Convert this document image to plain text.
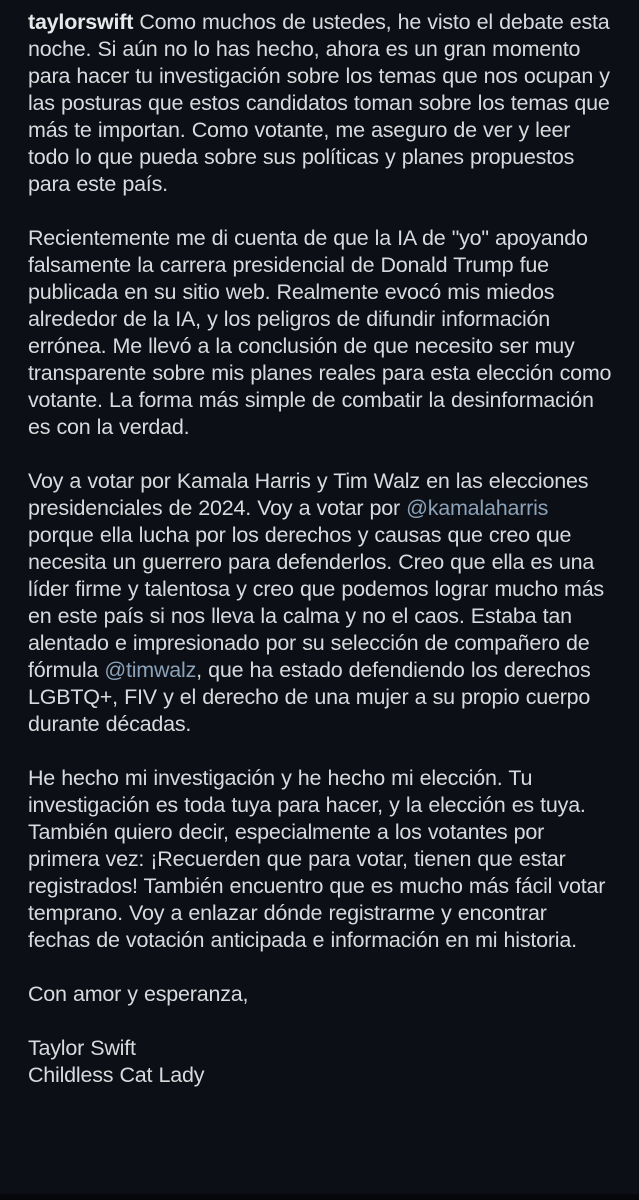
taylorswift Como muchos de ustedes, he visto el debate esta noche. Si aún no lo has hecho, ahora es un gran momento para hacer tu investigación sobre los temas que nos ocupan y las posturas que estos candidatos toman sobre los temas que más te importan. Como votante, me aseguro de ver y leer todo lo que pueda sobre sus políticas y planes propuestos para este país.

Recientemente me di cuenta de que la IA de "yo" apoyando falsamente la carrera presidencial de Donald Trump fue publicada en su sitio web. Realmente evocó mis miedos alrededor de la IA, y los peligros de difundir información errónea. Me llevó a la conclusión de que necesito ser muy transparente sobre mis planes reales para esta elección como votante. La forma más simple de combatir la desinformación es con la verdad.

Voy a votar por Kamala Harris y Tim Walz en las elecciones presidenciales de 2024. Voy a votar por @kamalaharris porque ella lucha por los derechos y causas que creo que necesita un guerrero para defenderlos. Creo que ella es una líder firme y talentosa y creo que podemos lograr mucho más en este país si nos lleva la calma y no el caos. Estaba tan alentado e impresionado por su selección de compañero de fórmula @timwalz, que ha estado defendiendo los derechos LGBTQ+, FIV y el derecho de una mujer a su propio cuerpo durante décadas.

He hecho mi investigación y he hecho mi elección. Tu investigación es toda tuya para hacer, y la elección es tuya. También quiero decir, especialmente a los votantes por primera vez: ¡Recuerden que para votar, tienen que estar registrados! También encuentro que es mucho más fácil votar temprano. Voy a enlazar dónde registrarme y encontrar fechas de votación anticipada e información en mi historia.

Con amor y esperanza,

Taylor Swift
Childless Cat Lady
